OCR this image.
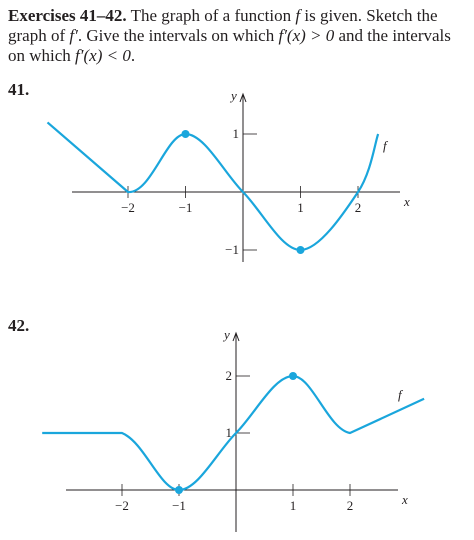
Exercises 41–42. The graph of a function f is given. Sketch the graph of f′. Give the intervals on which f′(x) > 0 and the intervals on which f′(x) < 0.
41.
42.
x
y
−2	−1	1	2
1
−1
f
x
y
−2	−1	1	2
2
1
f
